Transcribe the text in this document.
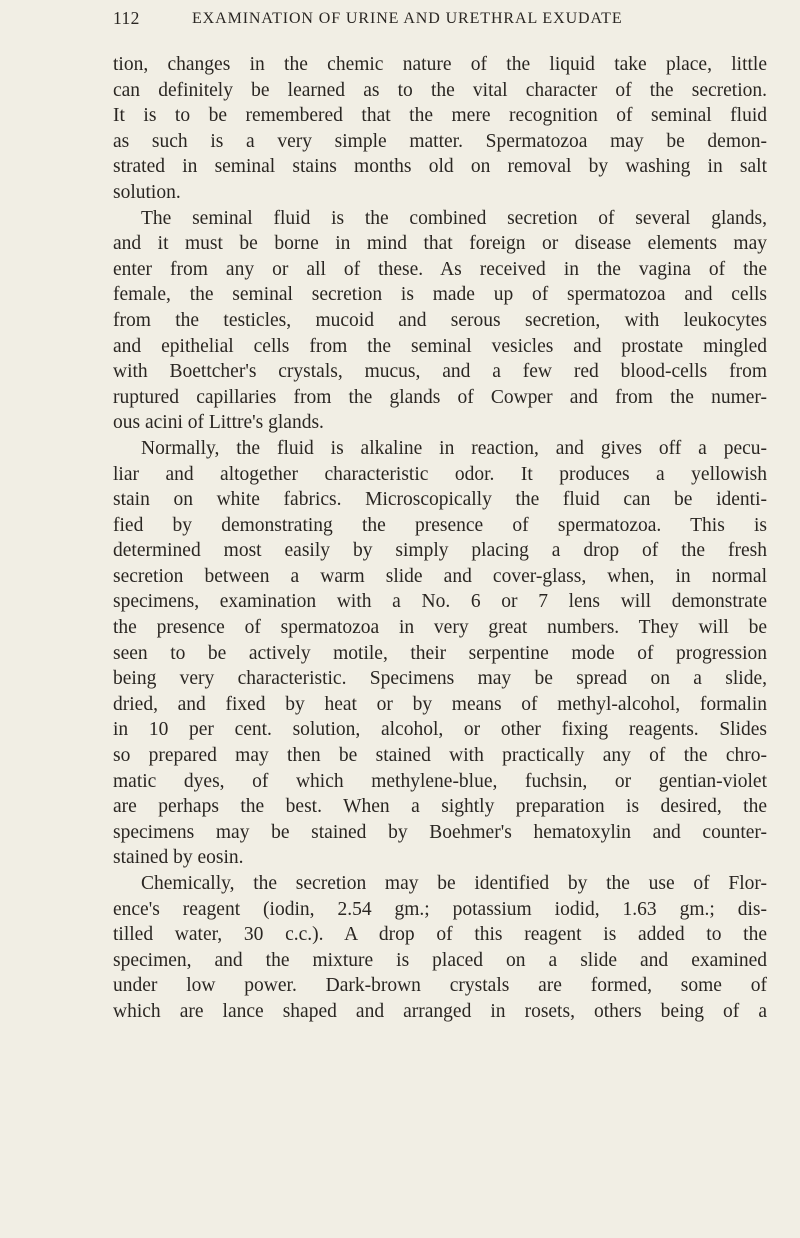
112	EXAMINATION OF URINE AND URETHRAL EXUDATE
tion, changes in the chemic nature of the liquid take place, little
can definitely be learned as to the vital character of the secretion.
It is to be remembered that the mere recognition of seminal fluid
as such is a very simple matter. Spermatozoa may be demon-
strated in seminal stains months old on removal by washing in salt
solution.
The seminal fluid is the combined secretion of several glands,
and it must be borne in mind that foreign or disease elements may
enter from any or all of these. As received in the vagina of the
female, the seminal secretion is made up of spermatozoa and cells
from the testicles, mucoid and serous secretion, with leukocytes
and epithelial cells from the seminal vesicles and prostate mingled
with Boettcher's crystals, mucus, and a few red blood-cells from
ruptured capillaries from the glands of Cowper and from the numer-
ous acini of Littre's glands.
Normally, the fluid is alkaline in reaction, and gives off a pecu-
liar and altogether characteristic odor. It produces a yellowish
stain on white fabrics. Microscopically the fluid can be identi-
fied by demonstrating the presence of spermatozoa. This is
determined most easily by simply placing a drop of the fresh
secretion between a warm slide and cover-glass, when, in normal
specimens, examination with a No. 6 or 7 lens will demonstrate
the presence of spermatozoa in very great numbers. They will be
seen to be actively motile, their serpentine mode of progression
being very characteristic. Specimens may be spread on a slide,
dried, and fixed by heat or by means of methyl-alcohol, formalin
in 10 per cent. solution, alcohol, or other fixing reagents. Slides
so prepared may then be stained with practically any of the chro-
matic dyes, of which methylene-blue, fuchsin, or gentian-violet
are perhaps the best. When a sightly preparation is desired, the
specimens may be stained by Boehmer's hematoxylin and counter-
stained by eosin.
Chemically, the secretion may be identified by the use of Flor-
ence's reagent (iodin, 2.54 gm.; potassium iodid, 1.63 gm.; dis-
tilled water, 30 c.c.). A drop of this reagent is added to the
specimen, and the mixture is placed on a slide and examined
under low power. Dark-brown crystals are formed, some of
which are lance shaped and arranged in rosets, others being of a
